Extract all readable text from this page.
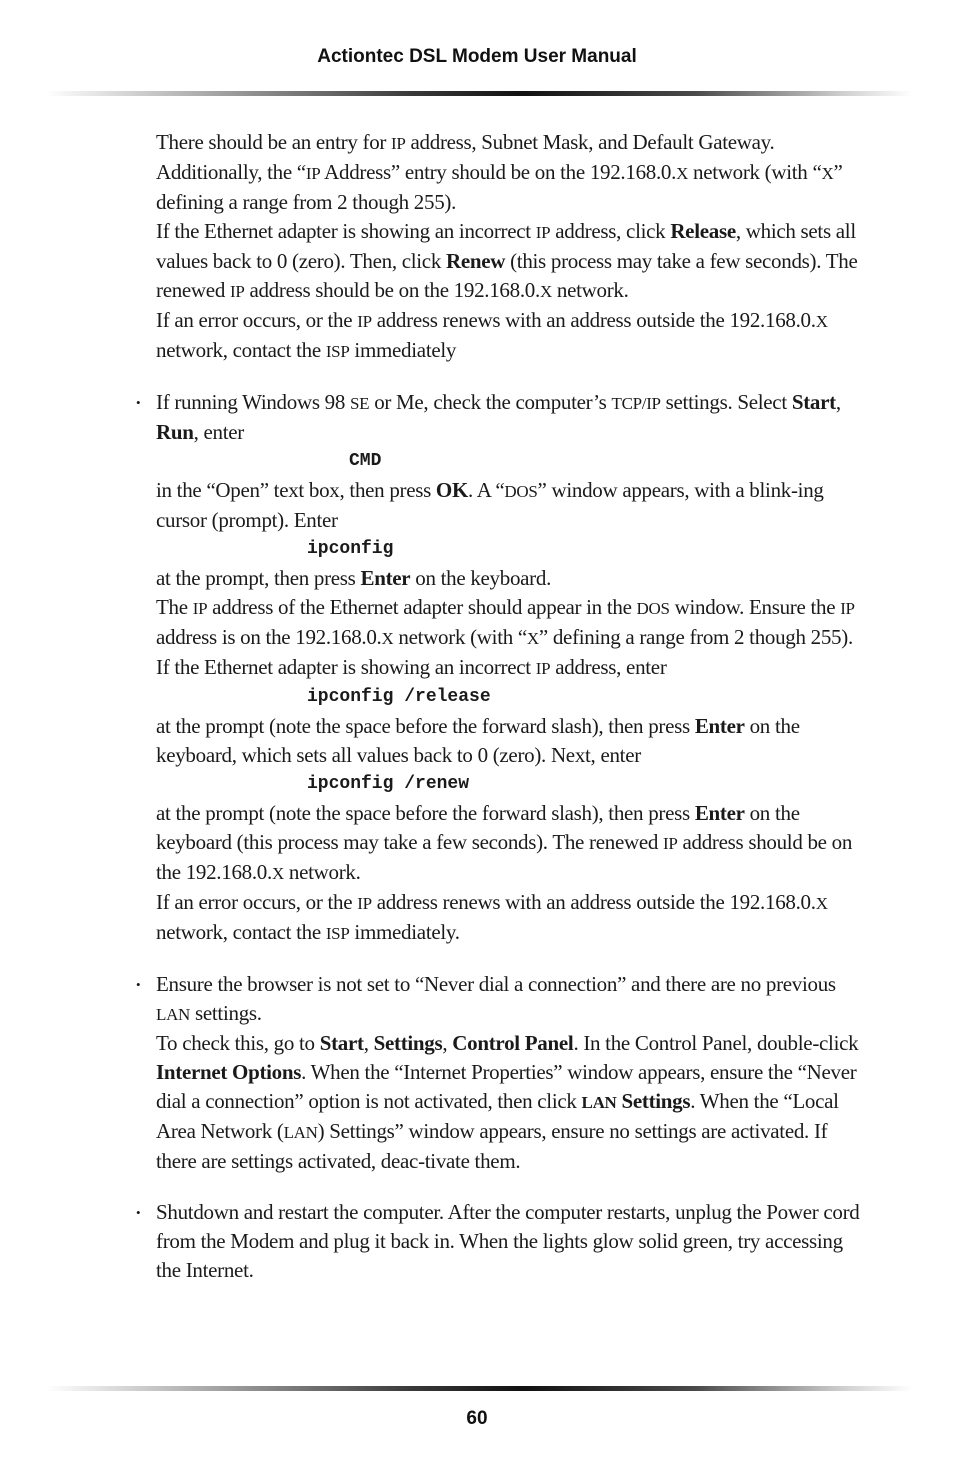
Actiontec DSL Modem User Manual

There should be an entry for IP address, Subnet Mask, and Default Gateway. Additionally, the “IP Address” entry should be on the 192.168.0.X network (with “X” defining a range from 2 though 255).

If the Ethernet adapter is showing an incorrect IP address, click Release, which sets all values back to 0 (zero). Then, click Renew (this process may take a few seconds). The renewed IP address should be on the 192.168.0.X network.

If an error occurs, or the IP address renews with an address outside the 192.168.0.X network, contact the ISP immediately

• If running Windows 98 SE or Me, check the computer’s TCP/IP settings. Select Start, Run, enter

CMD

in the “Open” text box, then press OK. A “DOS” window appears, with a blink-ing cursor (prompt). Enter

ipconfig

at the prompt, then press Enter on the keyboard.

The IP address of the Ethernet adapter should appear in the DOS window. Ensure the IP address is on the 192.168.0.X network (with “X” defining a range from 2 though 255).

If the Ethernet adapter is showing an incorrect IP address, enter

ipconfig /release

at the prompt (note the space before the forward slash), then press Enter on the keyboard, which sets all values back to 0 (zero). Next, enter

ipconfig /renew

at the prompt (note the space before the forward slash), then press Enter on the keyboard (this process may take a few seconds). The renewed IP address should be on the 192.168.0.X network.

If an error occurs, or the IP address renews with an address outside the 192.168.0.X network, contact the ISP immediately.

• Ensure the browser is not set to “Never dial a connection” and there are no previous LAN settings.

To check this, go to Start, Settings, Control Panel. In the Control Panel, double-click Internet Options. When the “Internet Properties” window appears, ensure the “Never dial a connection” option is not activated, then click LAN Settings. When the “Local Area Network (LAN) Settings” window appears, ensure no settings are activated. If there are settings activated, deac-tivate them.

• Shutdown and restart the computer. After the computer restarts, unplug the Power cord from the Modem and plug it back in. When the lights glow solid green, try accessing the Internet.

60
